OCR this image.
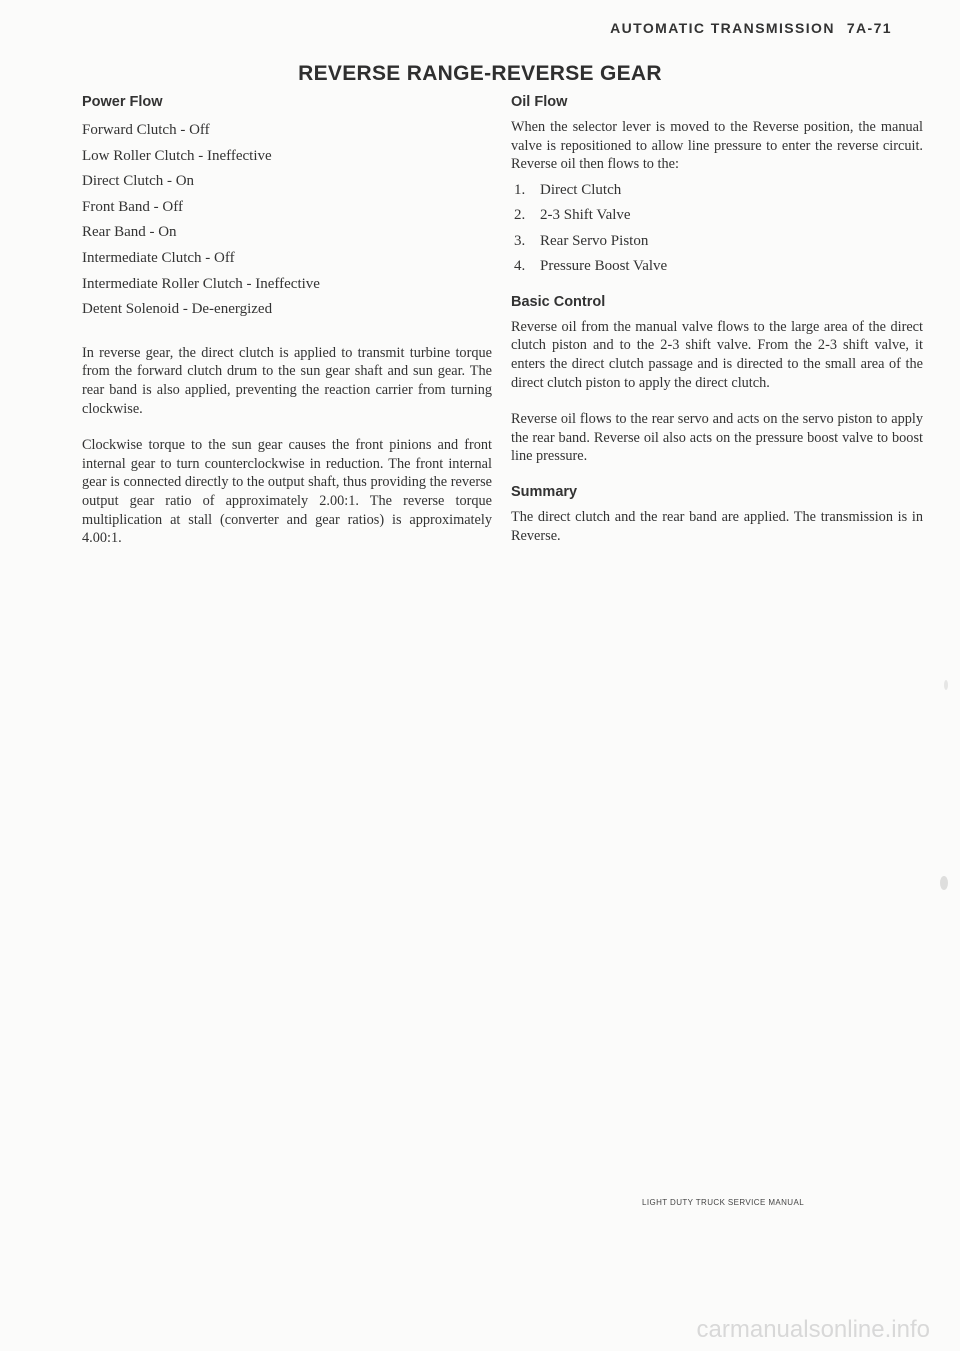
AUTOMATIC TRANSMISSION 7A-71
REVERSE RANGE-REVERSE GEAR
Power Flow
Forward Clutch - Off
Low Roller Clutch - Ineffective
Direct Clutch - On
Front Band - Off
Rear Band - On
Intermediate Clutch - Off
Intermediate Roller Clutch - Ineffective
Detent Solenoid - De-energized

In reverse gear, the direct clutch is applied to transmit turbine torque from the forward clutch drum to the sun gear shaft and sun gear. The rear band is also applied, preventing the reaction carrier from turning clockwise.

Clockwise torque to the sun gear causes the front pinions and front internal gear to turn counterclockwise in reduction. The front internal gear is connected directly to the output shaft, thus providing the reverse output gear ratio of approximately 2.00:1. The reverse torque multiplication at stall (converter and gear ratios) is approximately 4.00:1.

Oil Flow

When the selector lever is moved to the Reverse position, the manual valve is repositioned to allow line pressure to enter the reverse circuit. Reverse oil then flows to the:

1. Direct Clutch
2. 2-3 Shift Valve
3. Rear Servo Piston
4. Pressure Boost Valve
Basic Control

Reverse oil from the manual valve flows to the large area of the direct clutch piston and to the 2-3 shift valve. From the 2-3 shift valve, it enters the direct clutch passage and is directed to the small area of the direct clutch piston to apply the direct clutch.

Reverse oil flows to the rear servo and acts on the servo piston to apply the rear band. Reverse oil also acts on the pressure boost valve to boost line pressure.

Summary

The direct clutch and the rear band are applied. The transmission is in Reverse.

LIGHT DUTY TRUCK SERVICE MANUAL
carmanualsonline.info
